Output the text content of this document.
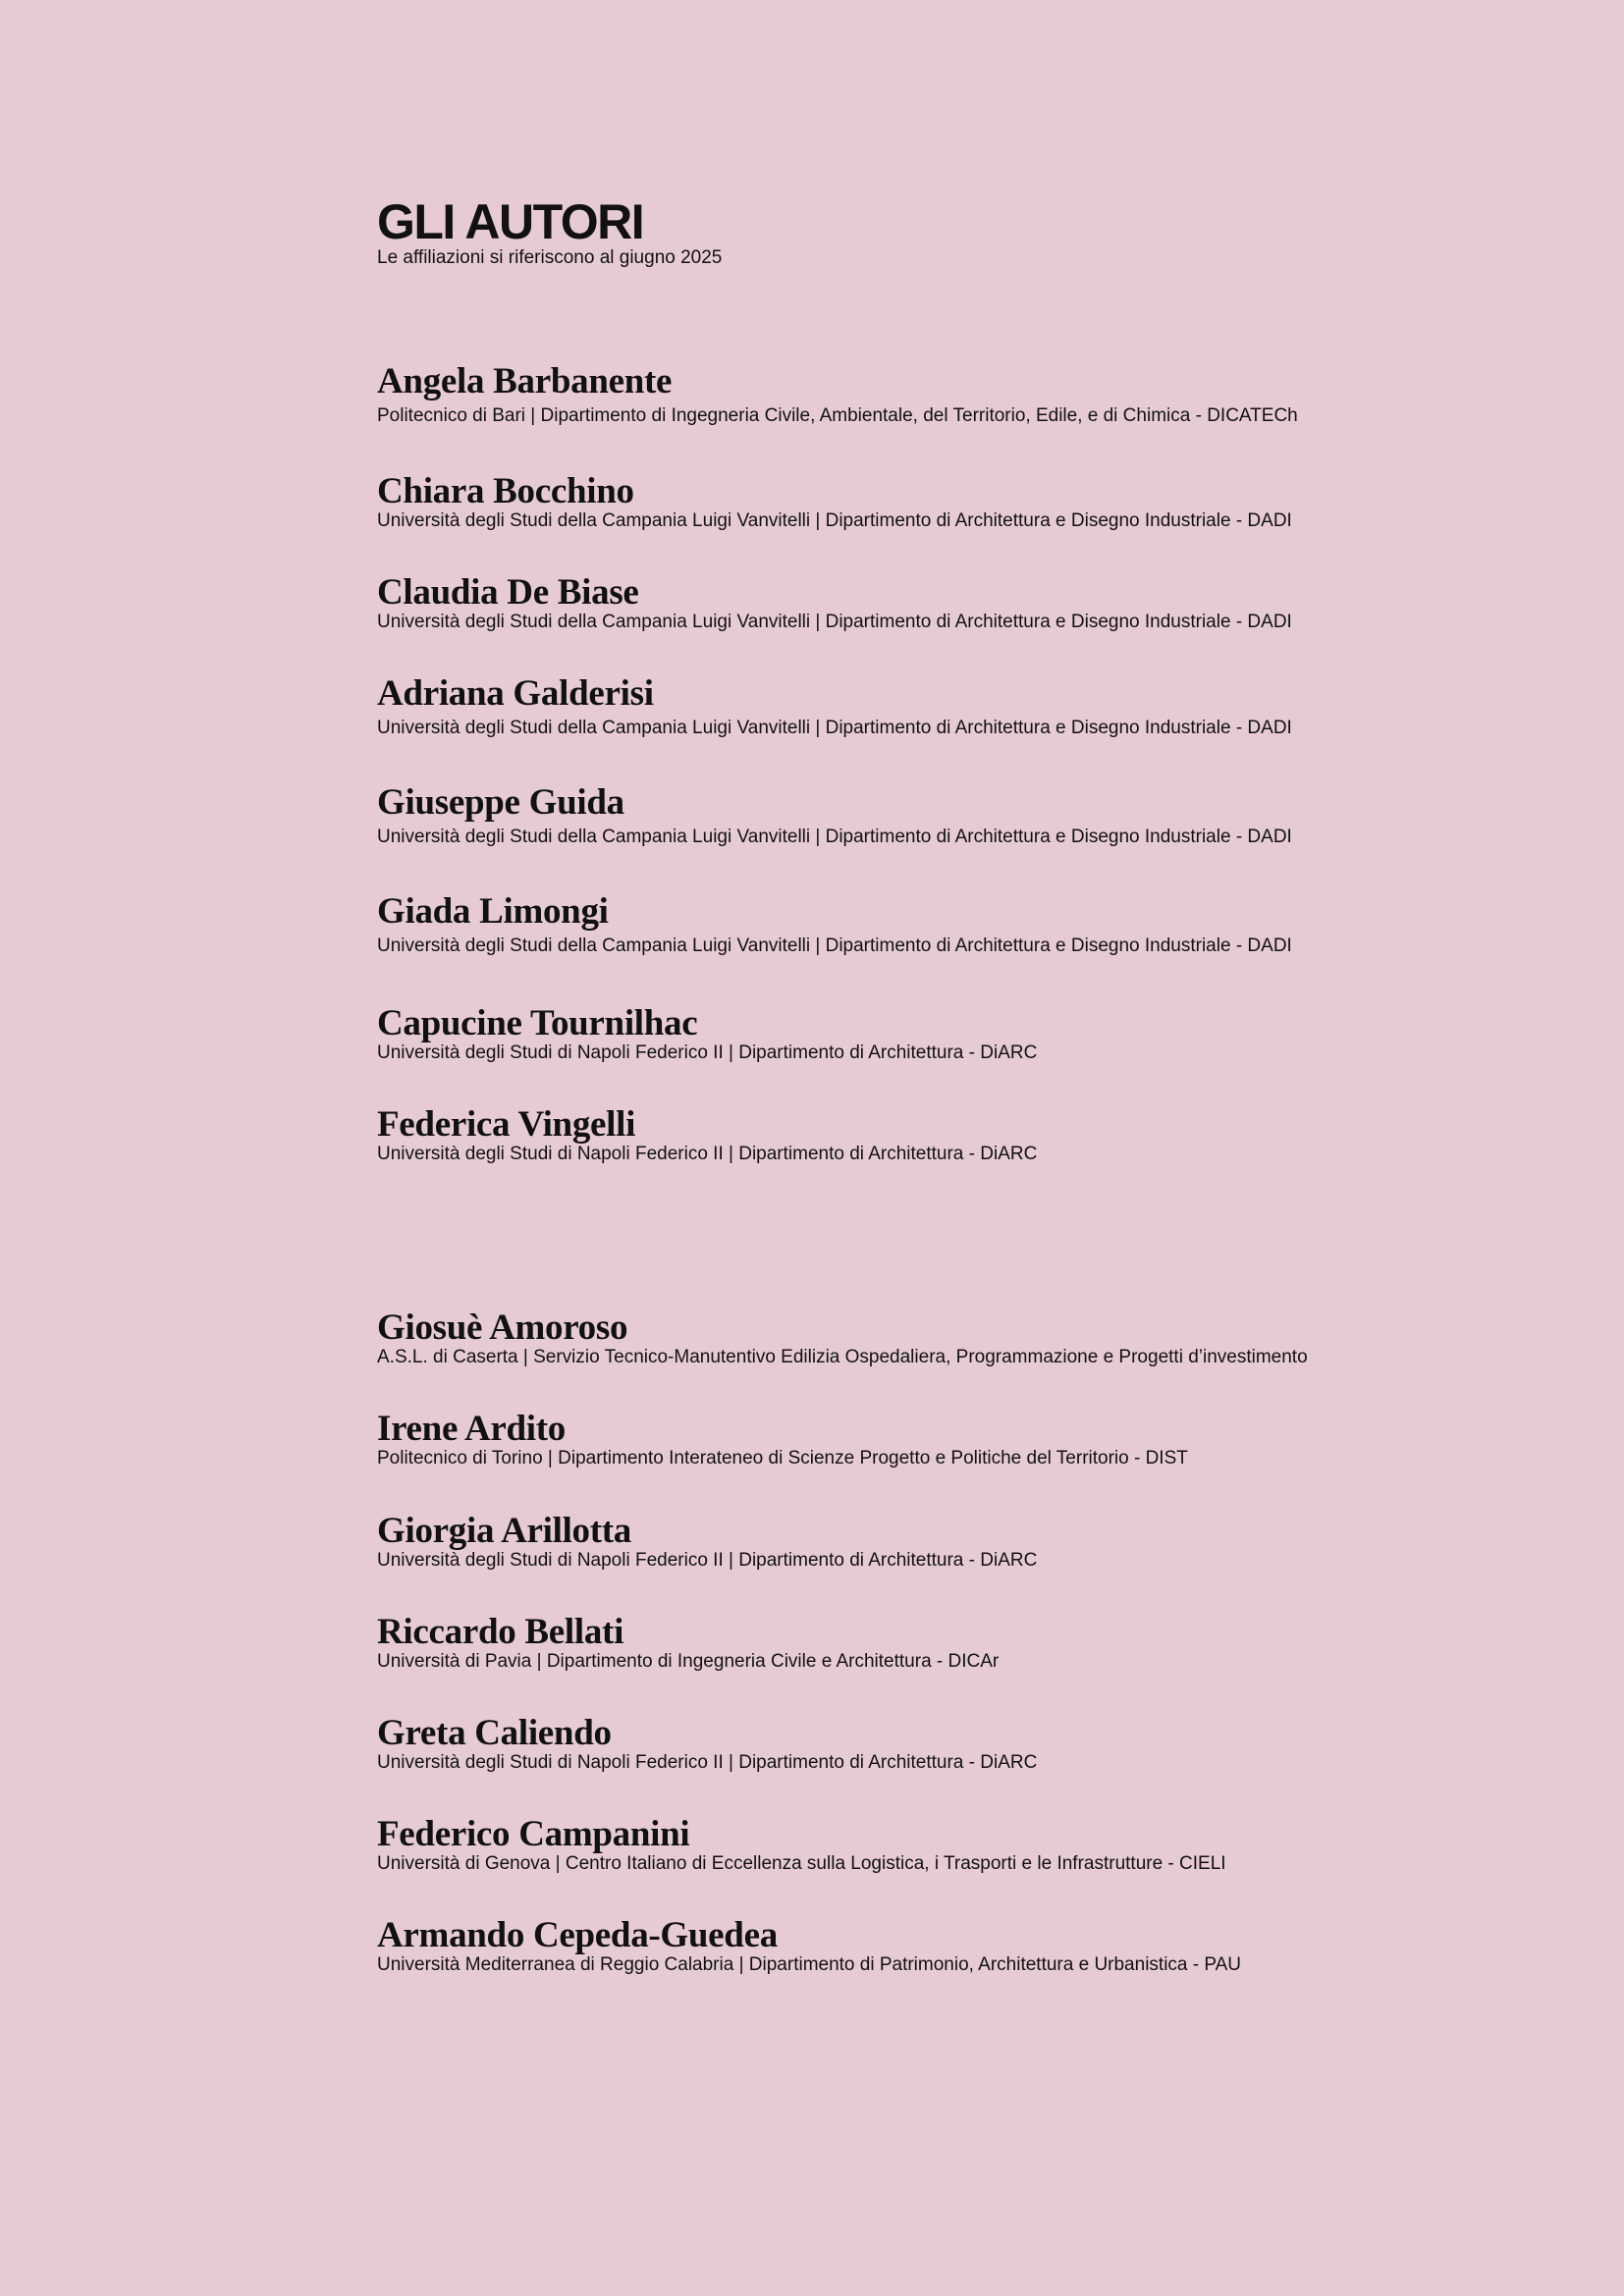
GLI AUTORI

Le affiliazioni si riferiscono al giugno 2025

Angela Barbanente
Politecnico di Bari | Dipartimento di Ingegneria Civile, Ambientale, del Territorio, Edile, e di Chimica - DICATECh
Chiara Bocchino
Università degli Studi della Campania Luigi Vanvitelli | Dipartimento di Architettura e Disegno Industriale - DADI
Claudia De Biase
Università degli Studi della Campania Luigi Vanvitelli | Dipartimento di Architettura e Disegno Industriale - DADI
Adriana Galderisi
Università degli Studi della Campania Luigi Vanvitelli | Dipartimento di Architettura e Disegno Industriale - DADI
Giuseppe Guida
Università degli Studi della Campania Luigi Vanvitelli | Dipartimento di Architettura e Disegno Industriale - DADI
Giada Limongi
Università degli Studi della Campania Luigi Vanvitelli | Dipartimento di Architettura e Disegno Industriale - DADI
Capucine Tournilhac
Università degli Studi di Napoli Federico II | Dipartimento di Architettura - DiARC
Federica Vingelli
Università degli Studi di Napoli Federico II | Dipartimento di Architettura - DiARC
Giosuè Amoroso
A.S.L. di Caserta | Servizio Tecnico-Manutentivo Edilizia Ospedaliera, Programmazione e Progetti d’investimento
Irene Ardito
Politecnico di Torino | Dipartimento Interateneo di Scienze Progetto e Politiche del Territorio - DIST
Giorgia Arillotta
Università degli Studi di Napoli Federico II | Dipartimento di Architettura - DiARC
Riccardo Bellati
Università di Pavia | Dipartimento di Ingegneria Civile e Architettura - DICAr
Greta Caliendo
Università degli Studi di Napoli Federico II | Dipartimento di Architettura - DiARC
Federico Campanini
Università di Genova | Centro Italiano di Eccellenza sulla Logistica, i Trasporti e le Infrastrutture - CIELI
Armando Cepeda-Guedea
Università Mediterranea di Reggio Calabria | Dipartimento di Patrimonio, Architettura e Urbanistica - PAU
